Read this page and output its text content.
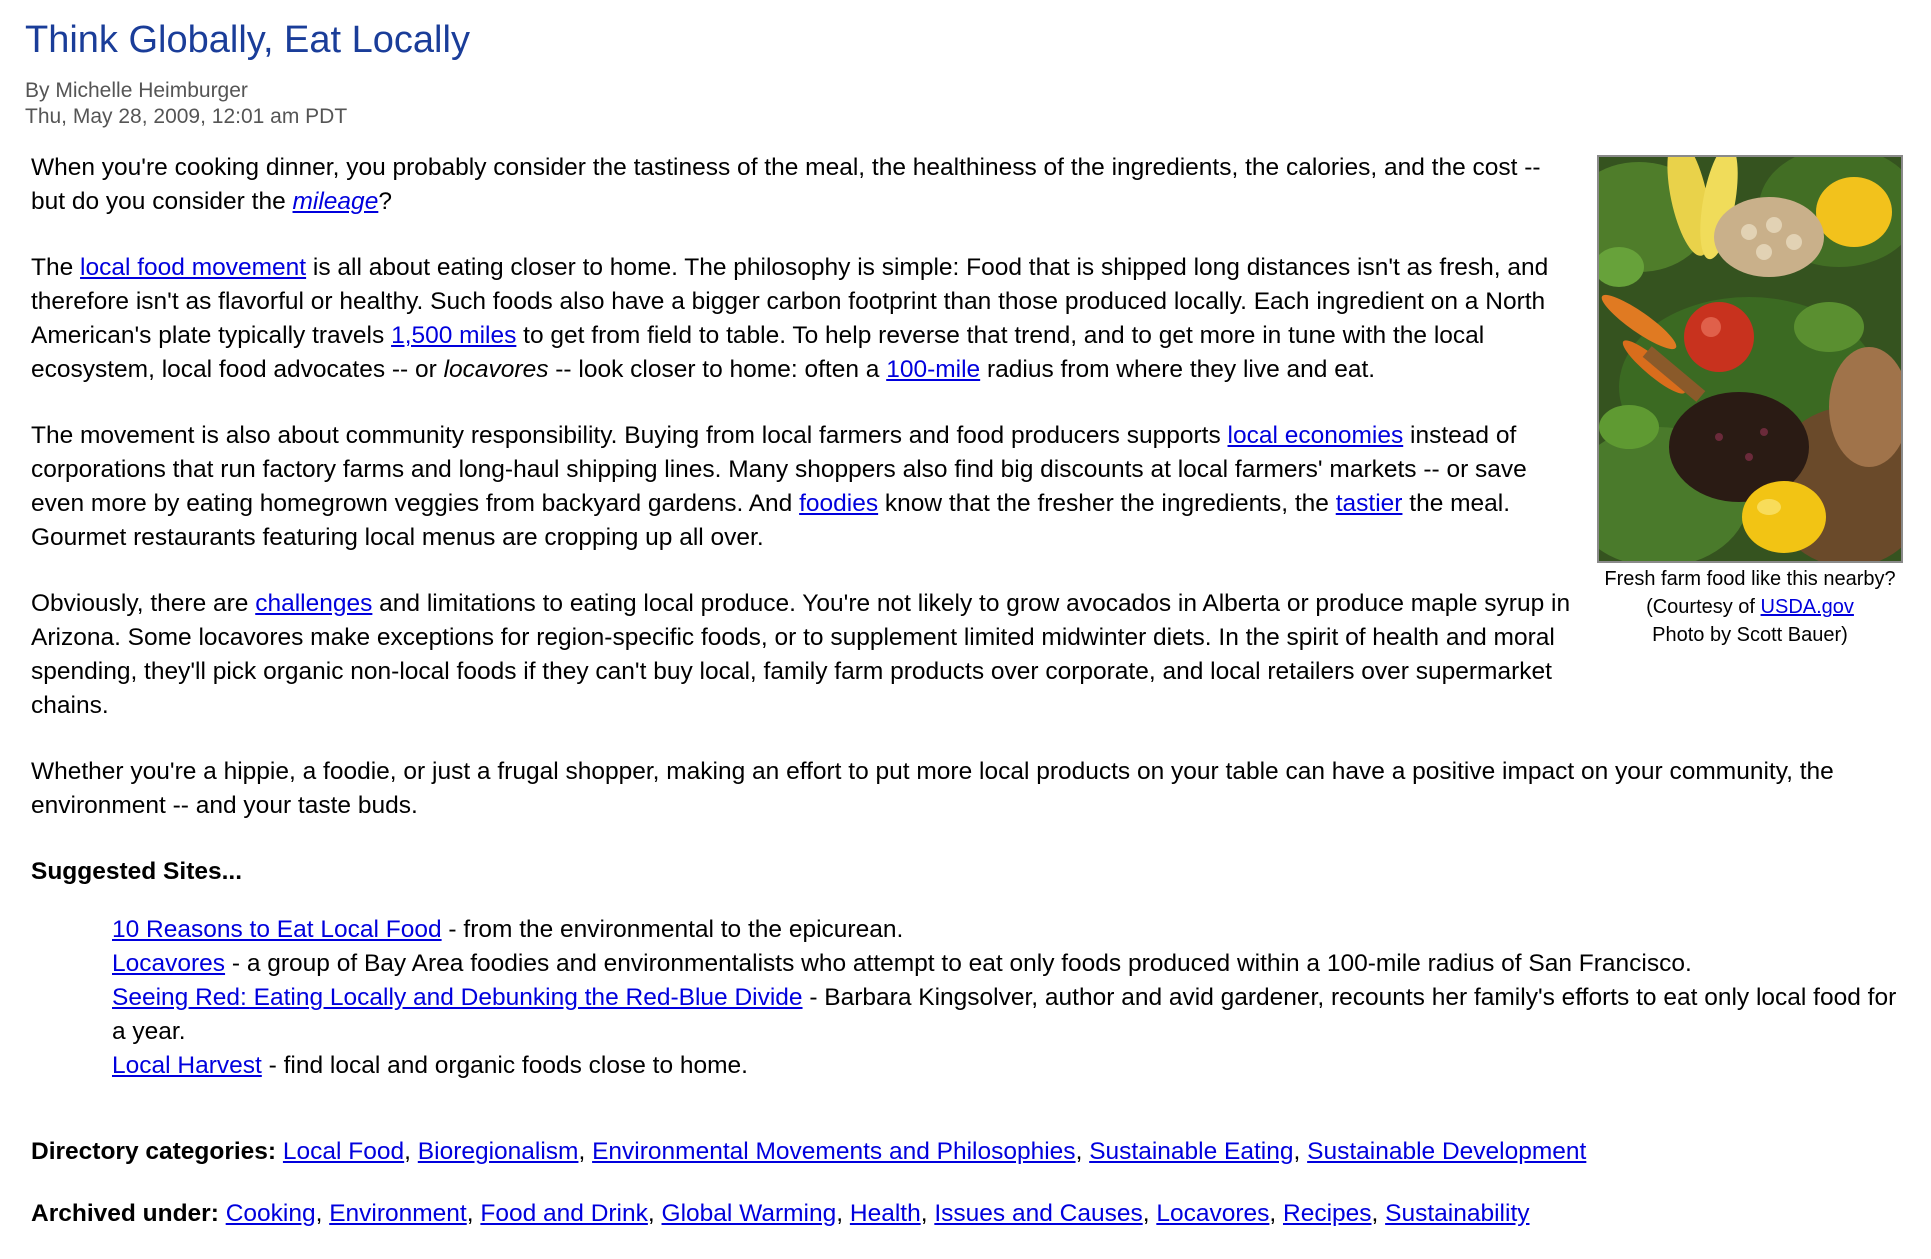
Think Globally, Eat Locally
By Michelle Heimburger
Thu, May 28, 2009, 12:01 am PDT
Fresh farm food like this nearby?
(Courtesy of USDA.gov
Photo by Scott Bauer)

When you're cooking dinner, you probably consider the tastiness of the meal, the healthiness of the ingredients, the calories, and the cost -- but do you consider the mileage?

The local food movement is all about eating closer to home. The philosophy is simple: Food that is shipped long distances isn't as fresh, and therefore isn't as flavorful or healthy. Such foods also have a bigger carbon footprint than those produced locally. Each ingredient on a North American's plate typically travels 1,500 miles to get from field to table. To help reverse that trend, and to get more in tune with the local ecosystem, local food advocates -- or locavores -- look closer to home: often a 100-mile radius from where they live and eat.

The movement is also about community responsibility. Buying from local farmers and food producers supports local economies instead of corporations that run factory farms and long-haul shipping lines. Many shoppers also find big discounts at local farmers' markets -- or save even more by eating homegrown veggies from backyard gardens. And foodies know that the fresher the ingredients, the tastier the meal. Gourmet restaurants featuring local menus are cropping up all over.

Obviously, there are challenges and limitations to eating local produce. You're not likely to grow avocados in Alberta or produce maple syrup in Arizona. Some locavores make exceptions for region-specific foods, or to supplement limited midwinter diets. In the spirit of health and moral spending, they'll pick organic non-local foods if they can't buy local, family farm products over corporate, and local retailers over supermarket chains.

Whether you're a hippie, a foodie, or just a frugal shopper, making an effort to put more local products on your table can have a positive impact on your community, the environment -- and your taste buds.

Suggested Sites...
10 Reasons to Eat Local Food - from the environmental to the epicurean.
Locavores - a group of Bay Area foodies and environmentalists who attempt to eat only foods produced within a 100-mile radius of San Francisco.
Seeing Red: Eating Locally and Debunking the Red-Blue Divide - Barbara Kingsolver, author and avid gardener, recounts her family's efforts to eat only local food for a year.
Local Harvest - find local and organic foods close to home.
Directory categories: Local Food, Bioregionalism, Environmental Movements and Philosophies, Sustainable Eating, Sustainable Development
Archived under: Cooking, Environment, Food and Drink, Global Warming, Health, Issues and Causes, Locavores, Recipes, Sustainability
